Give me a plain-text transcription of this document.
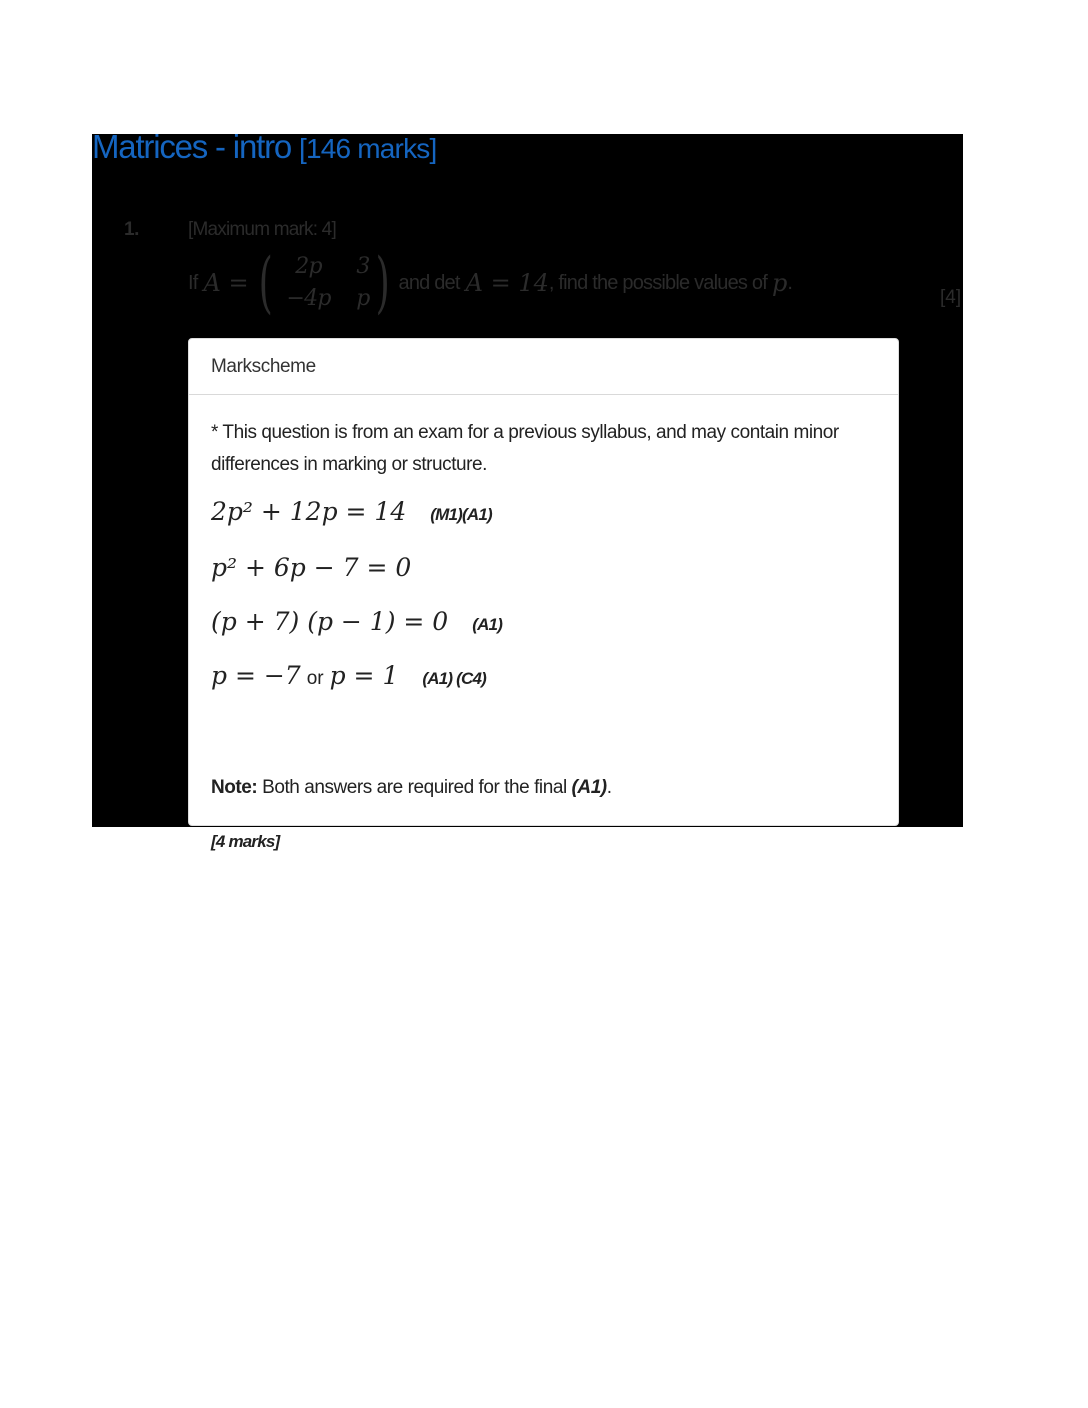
Matrices - intro [146 marks]
1.	[Maximum mark: 4]
If A = (	2p	3
−4p	p ) and det A = 14 , find the possible values of p .
[4]
Markscheme

* This question is from an exam for a previous syllabus, and may contain minor differences in marking or structure.

2p² + 12p = 14 (M1)(A1)
p² + 6p − 7 = 0
(p + 7) (p − 1) = 0 (A1)
p = −7 or p = 1 (A1) (C4)
Note: Both answers are required for the final (A1).
[4 marks]
